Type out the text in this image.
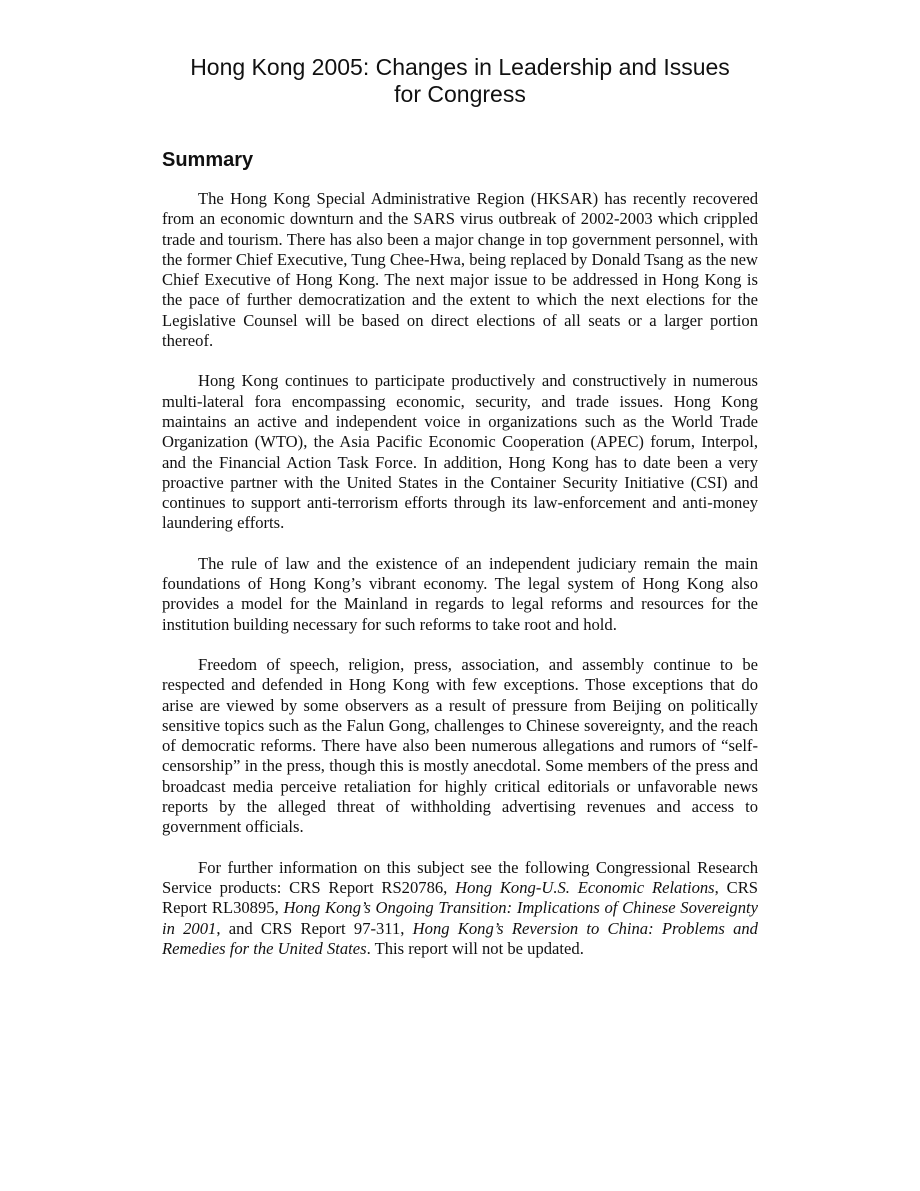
Hong Kong 2005: Changes in Leadership and Issues
for Congress
Summary

The Hong Kong Special Administrative Region (HKSAR) has recently recovered from an economic downturn and the SARS virus outbreak of 2002-2003 which crippled trade and tourism. There has also been a major change in top government personnel, with the former Chief Executive, Tung Chee-Hwa, being replaced by Donald Tsang as the new Chief Executive of Hong Kong. The next major issue to be addressed in Hong Kong is the pace of further democratization and the extent to which the next elections for the Legislative Counsel will be based on direct elections of all seats or a larger portion thereof.

Hong Kong continues to participate productively and constructively in numerous multi-lateral fora encompassing economic, security, and trade issues. Hong Kong maintains an active and independent voice in organizations such as the World Trade Organization (WTO), the Asia Pacific Economic Cooperation (APEC) forum, Interpol, and the Financial Action Task Force. In addition, Hong Kong has to date been a very proactive partner with the United States in the Container Security Initiative (CSI) and continues to support anti-terrorism efforts through its law-enforcement and anti-money laundering efforts.

The rule of law and the existence of an independent judiciary remain the main foundations of Hong Kong’s vibrant economy. The legal system of Hong Kong also provides a model for the Mainland in regards to legal reforms and resources for the institution building necessary for such reforms to take root and hold.

Freedom of speech, religion, press, association, and assembly continue to be respected and defended in Hong Kong with few exceptions. Those exceptions that do arise are viewed by some observers as a result of pressure from Beijing on politically sensitive topics such as the Falun Gong, challenges to Chinese sovereignty, and the reach of democratic reforms. There have also been numerous allegations and rumors of “self-censorship” in the press, though this is mostly anecdotal. Some members of the press and broadcast media perceive retaliation for highly critical editorials or unfavorable news reports by the alleged threat of withholding advertising revenues and access to government officials.

For further information on this subject see the following Congressional Research Service products: CRS Report RS20786, Hong Kong-U.S. Economic Relations, CRS Report RL30895, Hong Kong’s Ongoing Transition: Implications of Chinese Sovereignty in 2001, and CRS Report 97-311, Hong Kong’s Reversion to China: Problems and Remedies for the United States. This report will not be updated.
